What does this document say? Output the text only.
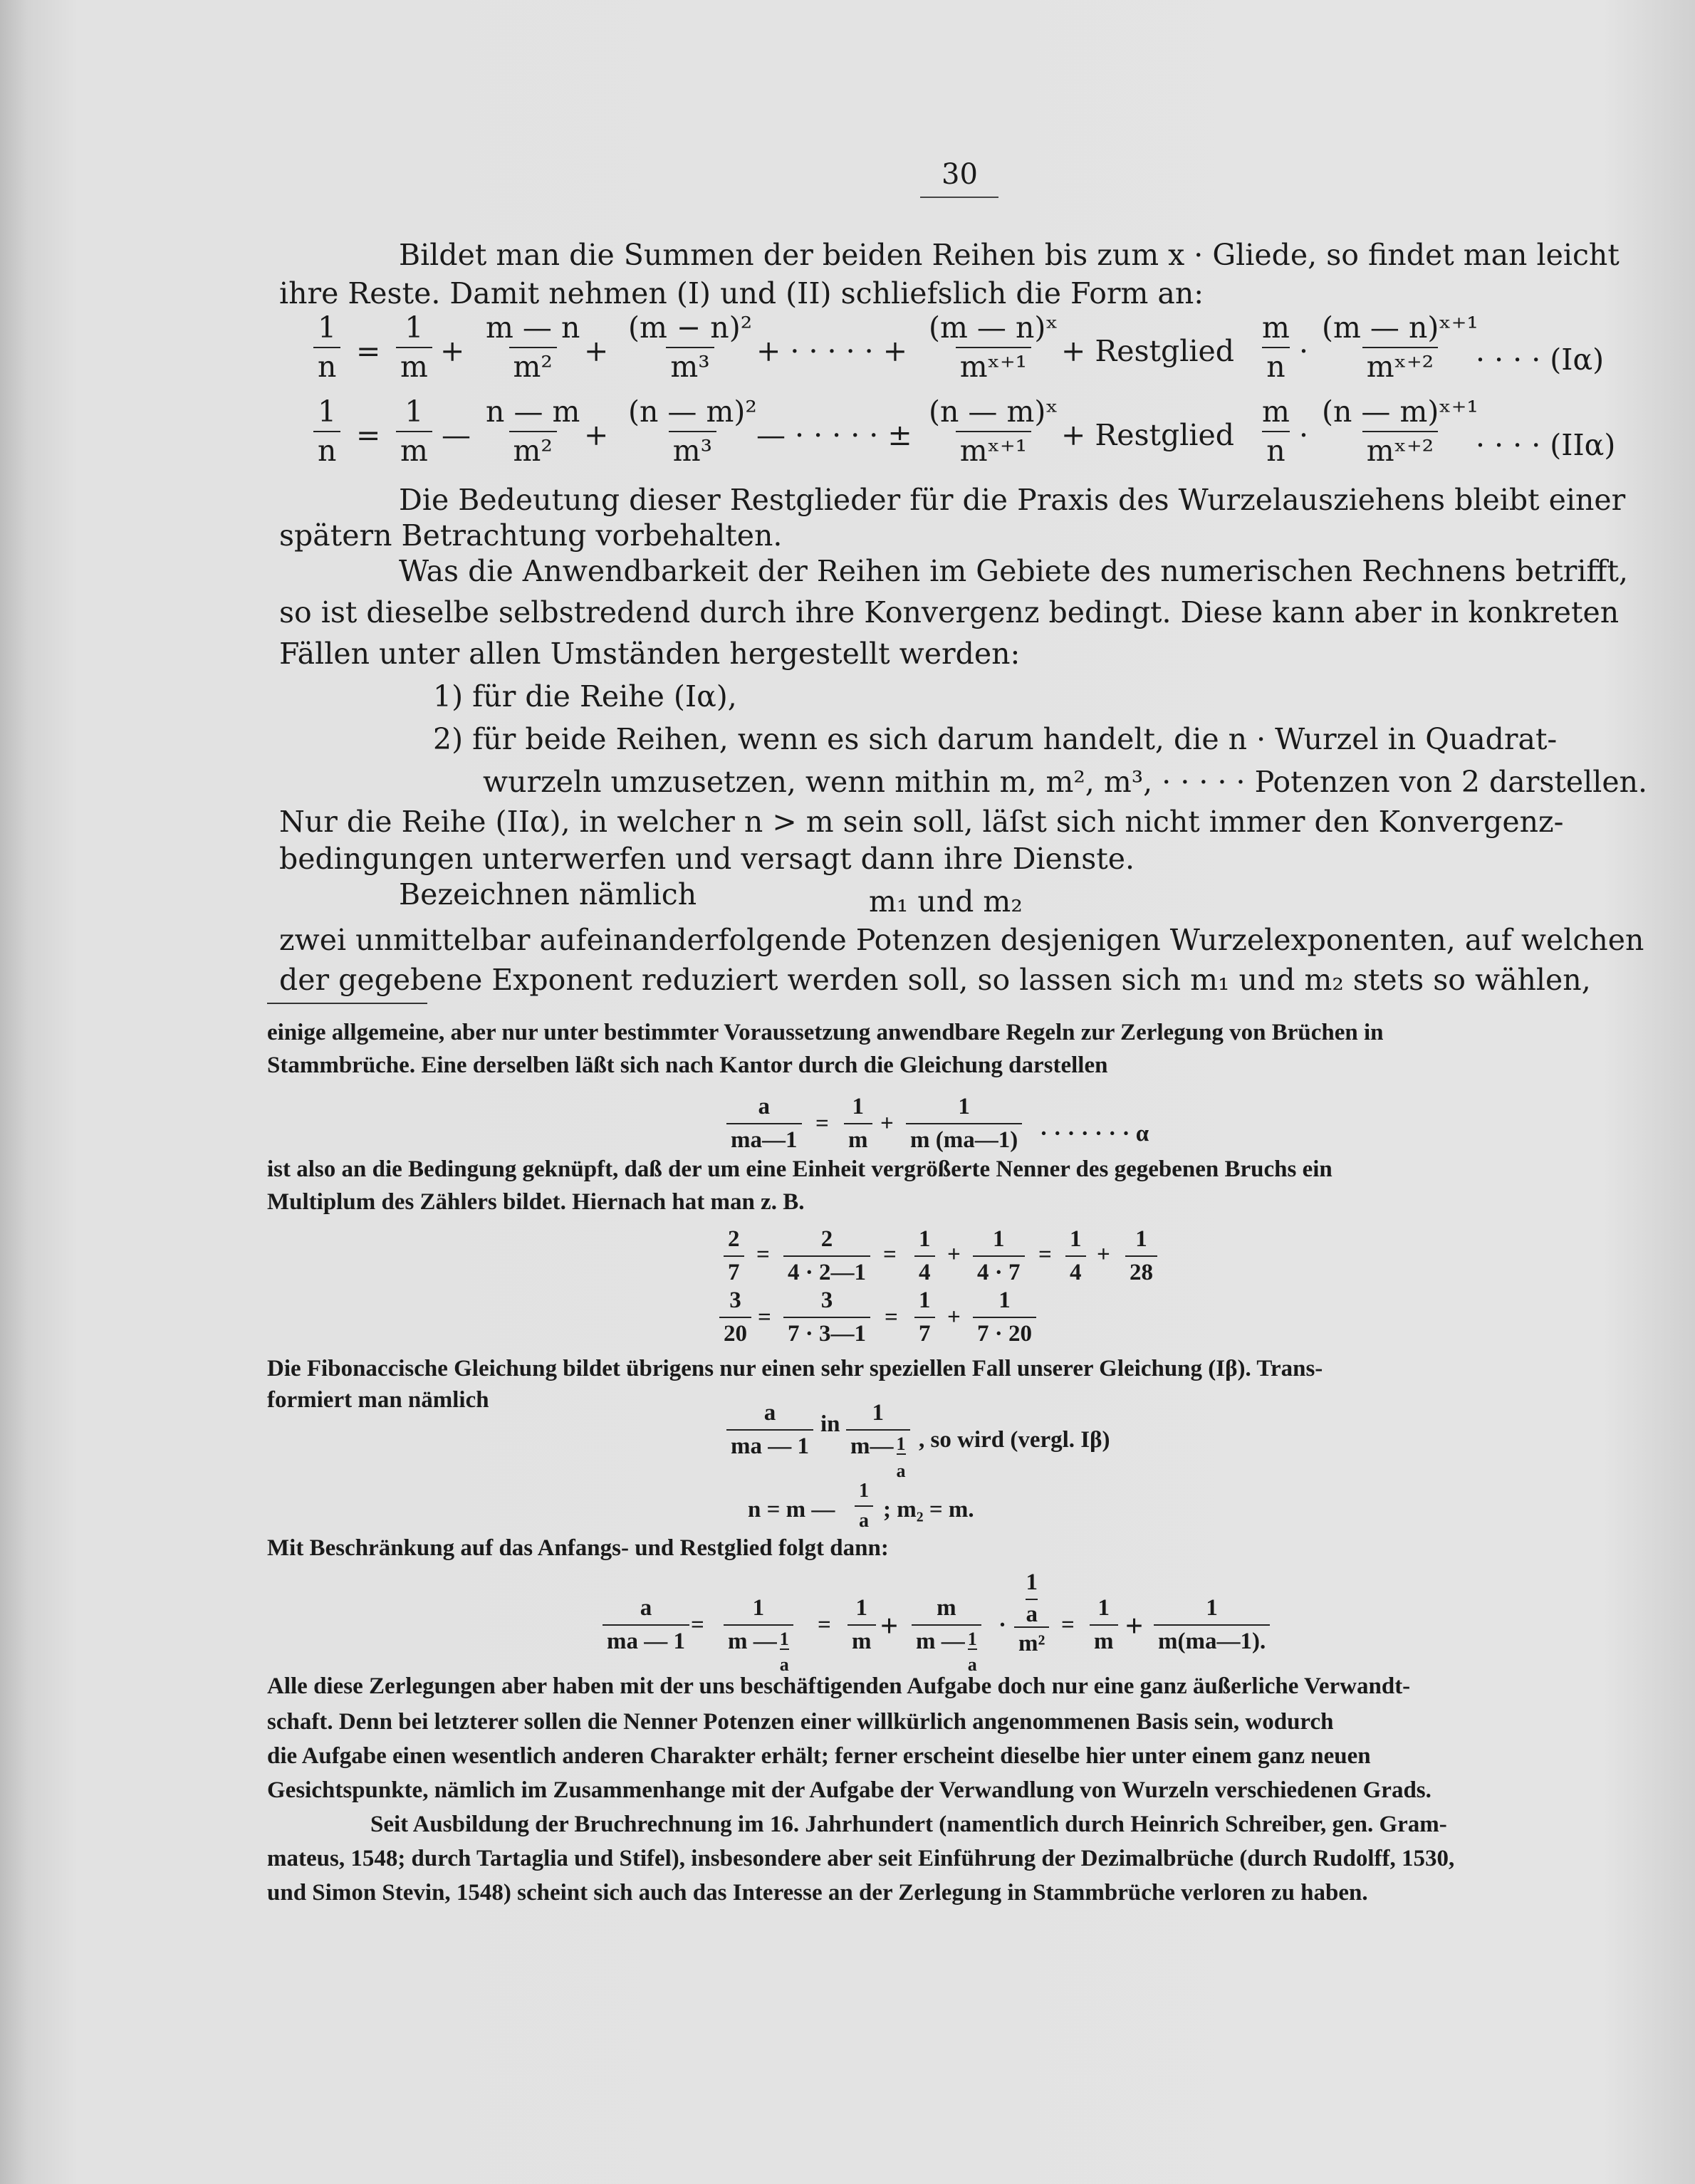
30
Bildet man die Summen der beiden Reihen bis zum x · Gliede, so findet man leicht
ihre Reste. Damit nehmen (I) und (II) schliefslich die Form an:
$\frac{1}{n} = \frac{1}{m} + \frac{m — n}{\text{m²}} + \frac{\text{(m − n)²}}{\text{m³}}$ + · · · · · + $\frac{\text{(m — n)ˣ}}{\text{mˣ⁺¹}}$
+ Restglied $\frac{m}{n} \cdot \frac{\text{(m — n)ˣ⁺¹}}{\text{mˣ⁺²}}$
· · · · (Iα)
$\frac{1}{n} = \frac{1}{m}$ — $\frac{n — m}{\text{m²}} + \frac{\text{(n — m)²}}{\text{m³}}$
— · · · · · ± $\frac{\text{(n — m)ˣ}}{\text{mˣ⁺¹}}$
+ Restglied $\frac{m}{n} \cdot \frac{\text{(n — m)ˣ⁺¹}}{\text{mˣ⁺²}}$
· · · · (IIα)
Die Bedeutung dieser Restglieder für die Praxis des Wurzelausziehens bleibt einer
spätern Betrachtung vorbehalten.
Was die Anwendbarkeit der Reihen im Gebiete des numerischen Rechnens betrifft,
so ist dieselbe selbstredend durch ihre Konvergenz bedingt. Diese kann aber in konkreten
Fällen unter allen Umständen hergestellt werden:
1) für die Reihe (Iα),
2) für beide Reihen, wenn es sich darum handelt, die n · Wurzel in Quadrat-
wurzeln umzusetzen, wenn mithin m, m², m³, · · · · · Potenzen von 2 darstellen.
Nur die Reihe (IIα), in welcher n > m sein soll, läſst sich nicht immer den Konvergenz-
bedingungen unterwerfen und versagt dann ihre Dienste.
Bezeichnen nämlich	m₁ und m₂
zwei unmittelbar aufeinanderfolgende Potenzen desjenigen Wurzelexponenten, auf welchen
der gegebene Exponent reduziert werden soll, so lassen sich m₁ und m₂ stets so wählen,
einige allgemeine, aber nur unter bestimmter Voraussetzung anwendbare Regeln zur Zerlegung von Brüchen in
Stammbrüche. Eine derselben läßt sich nach Kantor durch die Gleichung darstellen
$\frac{a}{ma—1} = \frac{1}{m} + \frac{1}{m (ma—1)}$ · · · · · · · α
ist also an die Bedingung geknüpft, daß der um eine Einheit vergrößerte Nenner des gegebenen Bruchs ein
Multiplum des Zählers bildet. Hiernach hat man z. B.
$\frac{2}{7} = \frac{2}{4 \cdot 2—1} = \frac{1}{4} + \frac{1}{4 \cdot 7} = \frac{1}{4} + \frac{1}{28}$
$\frac{3}{20} = \frac{3}{7 \cdot 3—1} = \frac{1}{7} + \frac{1}{7 \cdot 20}$
Die Fibonaccische Gleichung bildet übrigens nur einen sehr speziellen Fall unserer Gleichung (Iβ). Trans-
formiert man nämlich
$\frac{a}{ma — 1}$ in 1
m— 1
a , so wird (vergl. Iβ)
n = m — $\frac{1}{a}$ ; m₂ = m.
Mit Beschränkung auf das Anfangs- und Restglied folgt dann:
$\frac{a}{ma — 1} = 1$
m — 1
$a = \frac{1}{m} + m$
m — 1
a ·
1
a
m²
= $\frac{1}{m} + \frac{1}{m(ma—1).}$
Alle diese Zerlegungen aber haben mit der uns beschäftigenden Aufgabe doch nur eine ganz äußerliche Verwandt-
schaft. Denn bei letzterer sollen die Nenner Potenzen einer willkürlich angenommenen Basis sein, wodurch
die Aufgabe einen wesentlich anderen Charakter erhält; ferner erscheint dieselbe hier unter einem ganz neuen
Gesichtspunkte, nämlich im Zusammenhange mit der Aufgabe der Verwandlung von Wurzeln verschiedenen Grads.
Seit Ausbildung der Bruchrechnung im 16. Jahrhundert (namentlich durch Heinrich Schreiber, gen. Gram-
mateus, 1548; durch Tartaglia und Stifel), insbesondere aber seit Einführung der Dezimalbrüche (durch Rudolff, 1530,
und Simon Stevin, 1548) scheint sich auch das Interesse an der Zerlegung in Stammbrüche verloren zu haben.
